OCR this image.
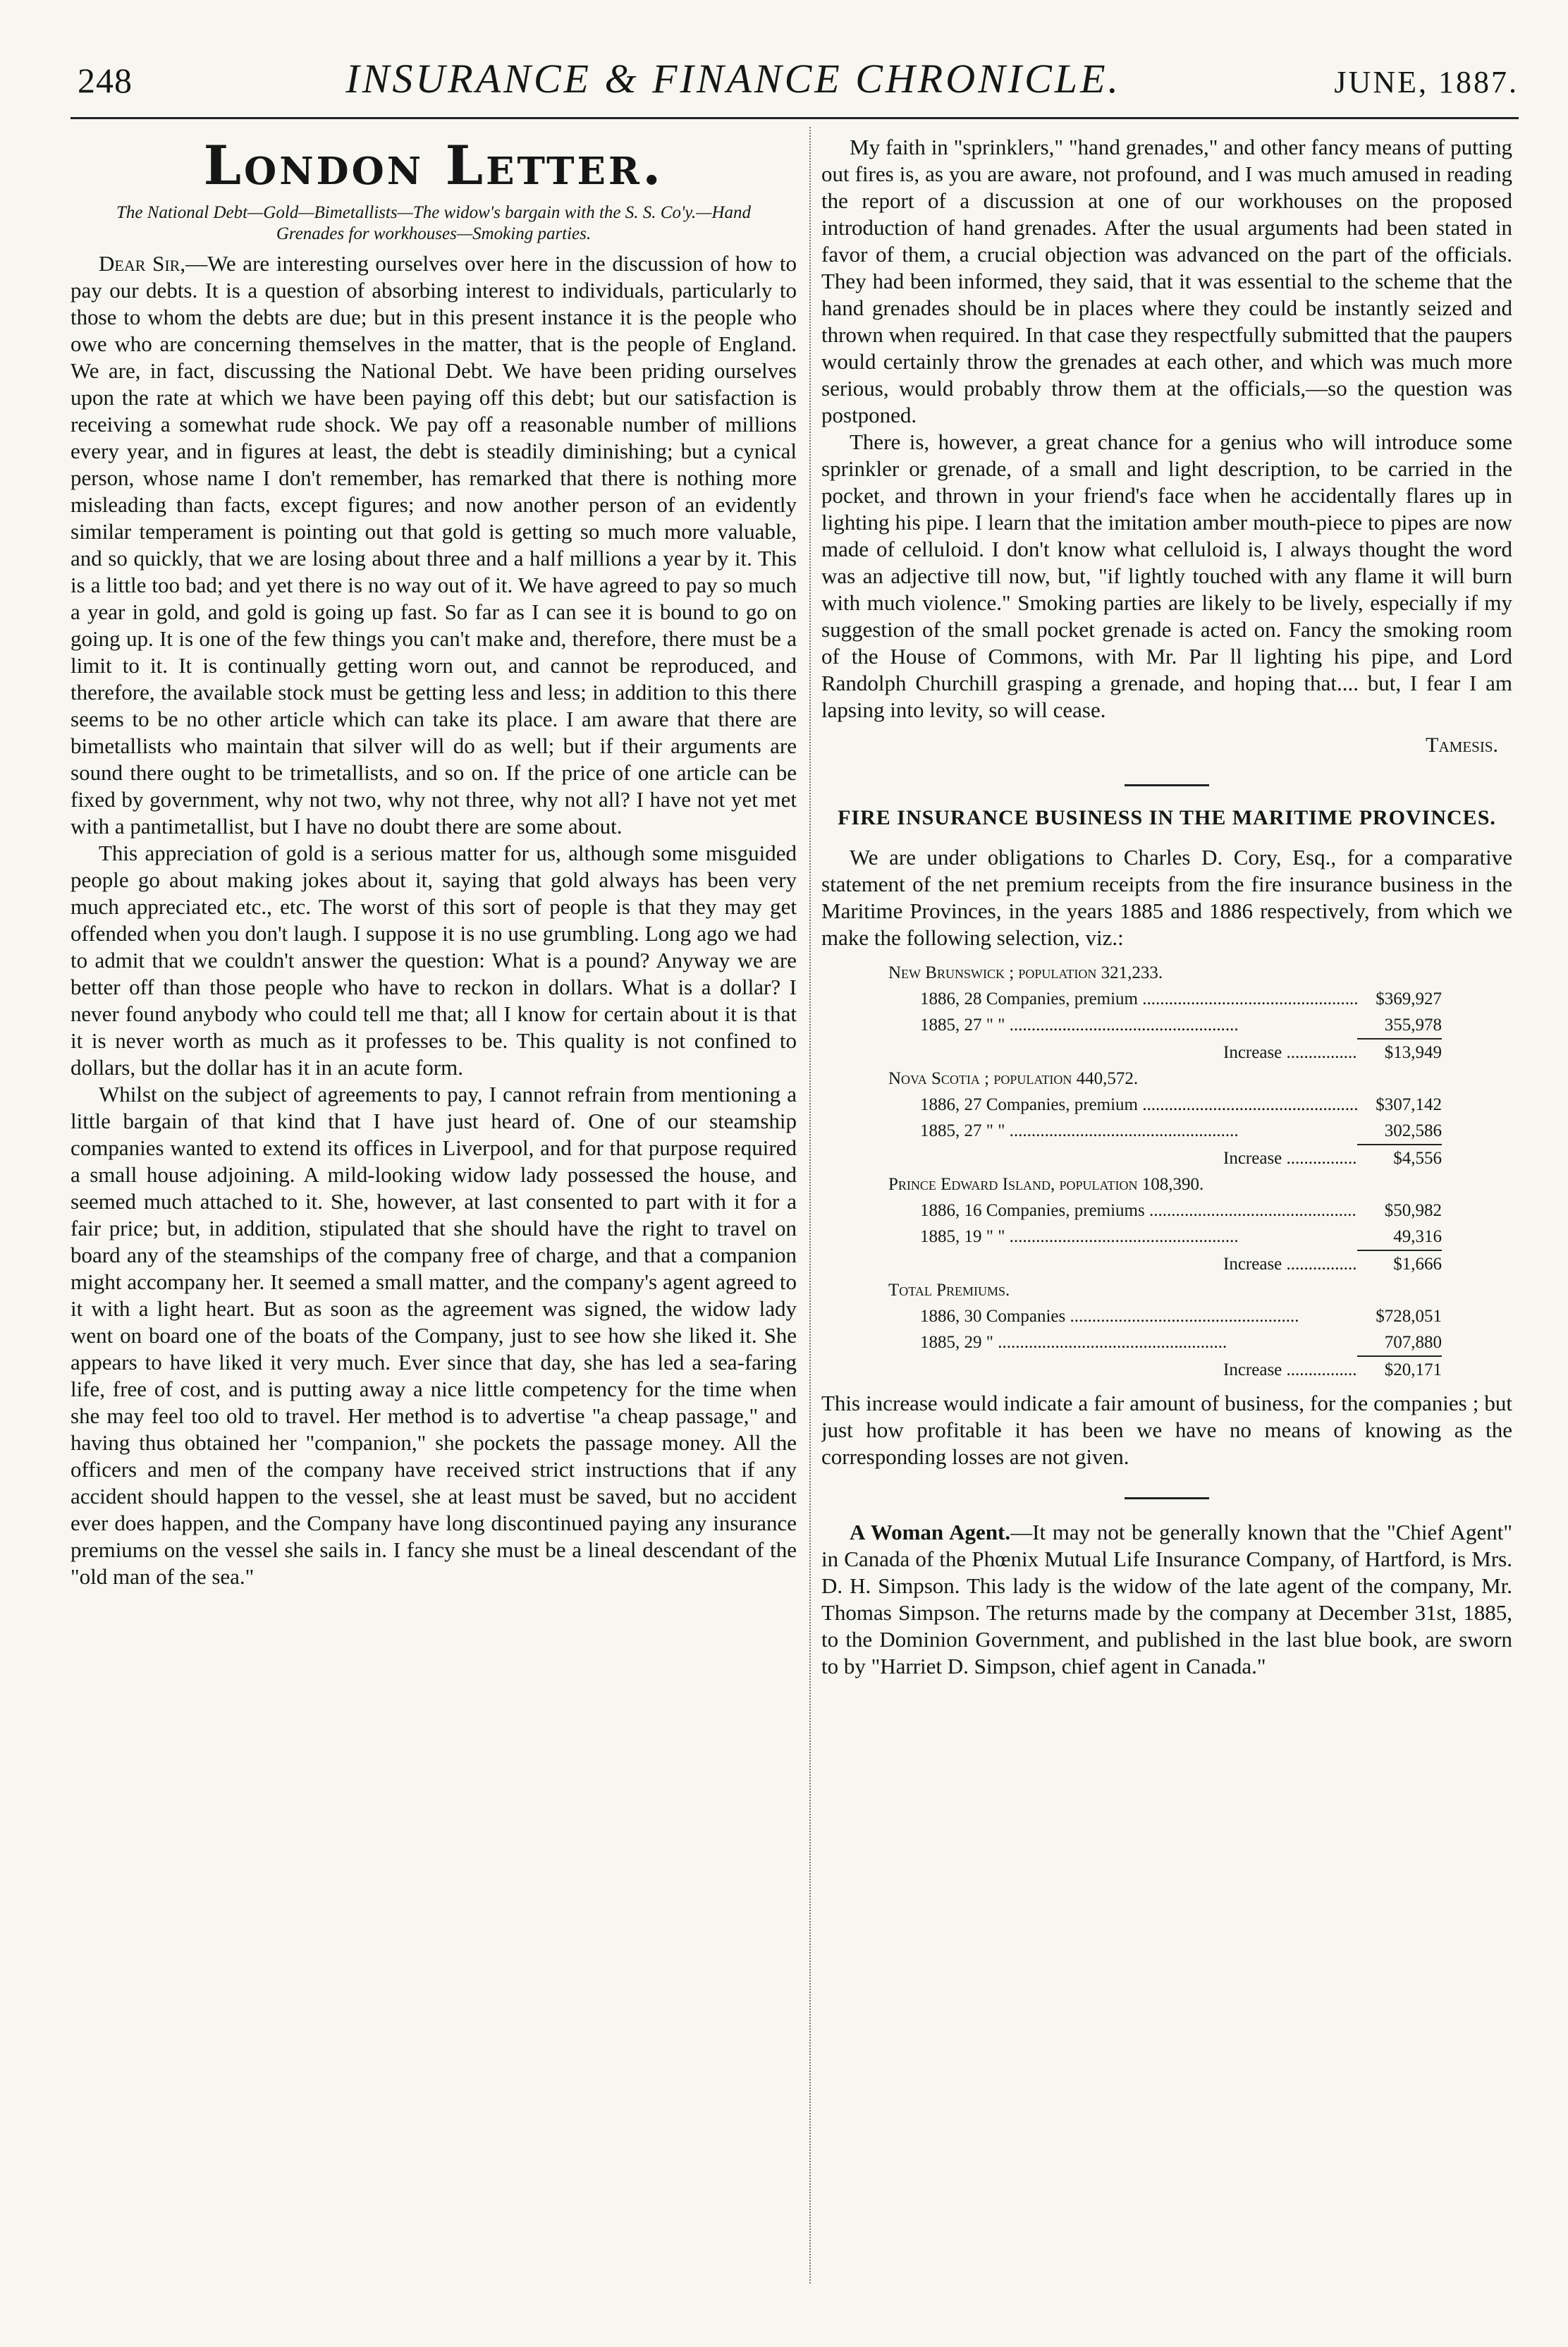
248	INSURANCE & FINANCE CHRONICLE.	JUNE, 1887.
London Letter.
The National Debt—Gold—Bimetallists—The widow's bargain with the S. S. Co'y.—Hand Grenades for workhouses—Smoking parties.

Dear Sir,—We are interesting ourselves over here in the discussion of how to pay our debts. It is a question of absorbing interest to individuals, particularly to those to whom the debts are due; but in this present instance it is the people who owe who are concerning themselves in the matter, that is the people of England. We are, in fact, discussing the National Debt. We have been priding ourselves upon the rate at which we have been paying off this debt; but our satisfaction is receiving a somewhat rude shock. We pay off a reasonable number of millions every year, and in figures at least, the debt is steadily diminishing; but a cynical person, whose name I don't remember, has remarked that there is nothing more misleading than facts, except figures; and now another person of an evidently similar temperament is pointing out that gold is getting so much more valuable, and so quickly, that we are losing about three and a half millions a year by it. This is a little too bad; and yet there is no way out of it. We have agreed to pay so much a year in gold, and gold is going up fast. So far as I can see it is bound to go on going up. It is one of the few things you can't make and, therefore, there must be a limit to it. It is continually getting worn out, and cannot be reproduced, and therefore, the available stock must be getting less and less; in addition to this there seems to be no other article which can take its place. I am aware that there are bimetallists who maintain that silver will do as well; but if their arguments are sound there ought to be trimetallists, and so on. If the price of one article can be fixed by government, why not two, why not three, why not all? I have not yet met with a pantimetallist, but I have no doubt there are some about.

This appreciation of gold is a serious matter for us, although some misguided people go about making jokes about it, saying that gold always has been very much appreciated etc., etc. The worst of this sort of people is that they may get offended when you don't laugh. I suppose it is no use grumbling. Long ago we had to admit that we couldn't answer the question: What is a pound? Anyway we are better off than those people who have to reckon in dollars. What is a dollar? I never found anybody who could tell me that; all I know for certain about it is that it is never worth as much as it professes to be. This quality is not confined to dollars, but the dollar has it in an acute form.

Whilst on the subject of agreements to pay, I cannot refrain from mentioning a little bargain of that kind that I have just heard of. One of our steamship companies wanted to extend its offices in Liverpool, and for that purpose required a small house adjoining. A mild-looking widow lady possessed the house, and seemed much attached to it. She, however, at last consented to part with it for a fair price; but, in addition, stipulated that she should have the right to travel on board any of the steamships of the company free of charge, and that a companion might accompany her. It seemed a small matter, and the company's agent agreed to it with a light heart. But as soon as the agreement was signed, the widow lady went on board one of the boats of the Company, just to see how she liked it. She appears to have liked it very much. Ever since that day, she has led a sea-faring life, free of cost, and is putting away a nice little competency for the time when she may feel too old to travel. Her method is to advertise "a cheap passage," and having thus obtained her "companion," she pockets the passage money. All the officers and men of the company have received strict instructions that if any accident should happen to the vessel, she at least must be saved, but no accident ever does happen, and the Company have long discontinued paying any insurance premiums on the vessel she sails in. I fancy she must be a lineal descendant of the "old man of the sea."

My faith in "sprinklers," "hand grenades," and other fancy means of putting out fires is, as you are aware, not profound, and I was much amused in reading the report of a discussion at one of our workhouses on the proposed introduction of hand grenades. After the usual arguments had been stated in favor of them, a crucial objection was advanced on the part of the officials. They had been informed, they said, that it was essential to the scheme that the hand grenades should be in places where they could be instantly seized and thrown when required. In that case they respectfully submitted that the paupers would certainly throw the grenades at each other, and which was much more serious, would probably throw them at the officials,—so the question was postponed.

There is, however, a great chance for a genius who will introduce some sprinkler or grenade, of a small and light description, to be carried in the pocket, and thrown in your friend's face when he accidentally flares up in lighting his pipe. I learn that the imitation amber mouth-piece to pipes are now made of celluloid. I don't know what celluloid is, I always thought the word was an adjective till now, but, "if lightly touched with any flame it will burn with much violence." Smoking parties are likely to be lively, especially if my suggestion of the small pocket grenade is acted on. Fancy the smoking room of the House of Commons, with Mr. Par ll lighting his pipe, and Lord Randolph Churchill grasping a grenade, and hoping that.... but, I fear I am lapsing into levity, so will cease.

Tamesis.
FIRE INSURANCE BUSINESS IN THE MARITIME PROVINCES.

We are under obligations to Charles D. Cory, Esq., for a comparative statement of the net premium receipts from the fire insurance business in the Maritime Provinces, in the years 1885 and 1886 respectively, from which we make the following selection, viz.:

New Brunswick ; population 321,233.
1886, 28 Companies, premium .....	$369,927
1885, 27 " " .....	355,978
Increase .....	$13,949
Nova Scotia ; population 440,572.
1886, 27 Companies, premium .....	$307,142
1885, 27 " " .....	302,586
Increase .....	$4,556
Prince Edward Island, population 108,390.
1886, 16 Companies, premiums .....	$50,982
1885, 19 " " .....	49,316
Increase .....	$1,666
Total Premiums.
1886, 30 Companies .....	$728,051
1885, 29 " .....	707,880
Increase .....	$20,171

This increase would indicate a fair amount of business, for the companies ; but just how profitable it has been we have no means of knowing as the corresponding losses are not given.

A Woman Agent.—It may not be generally known that the "Chief Agent" in Canada of the Phœnix Mutual Life Insurance Company, of Hartford, is Mrs. D. H. Simpson. This lady is the widow of the late agent of the company, Mr. Thomas Simpson. The returns made by the company at December 31st, 1885, to the Dominion Government, and published in the last blue book, are sworn to by "Harriet D. Simpson, chief agent in Canada."
